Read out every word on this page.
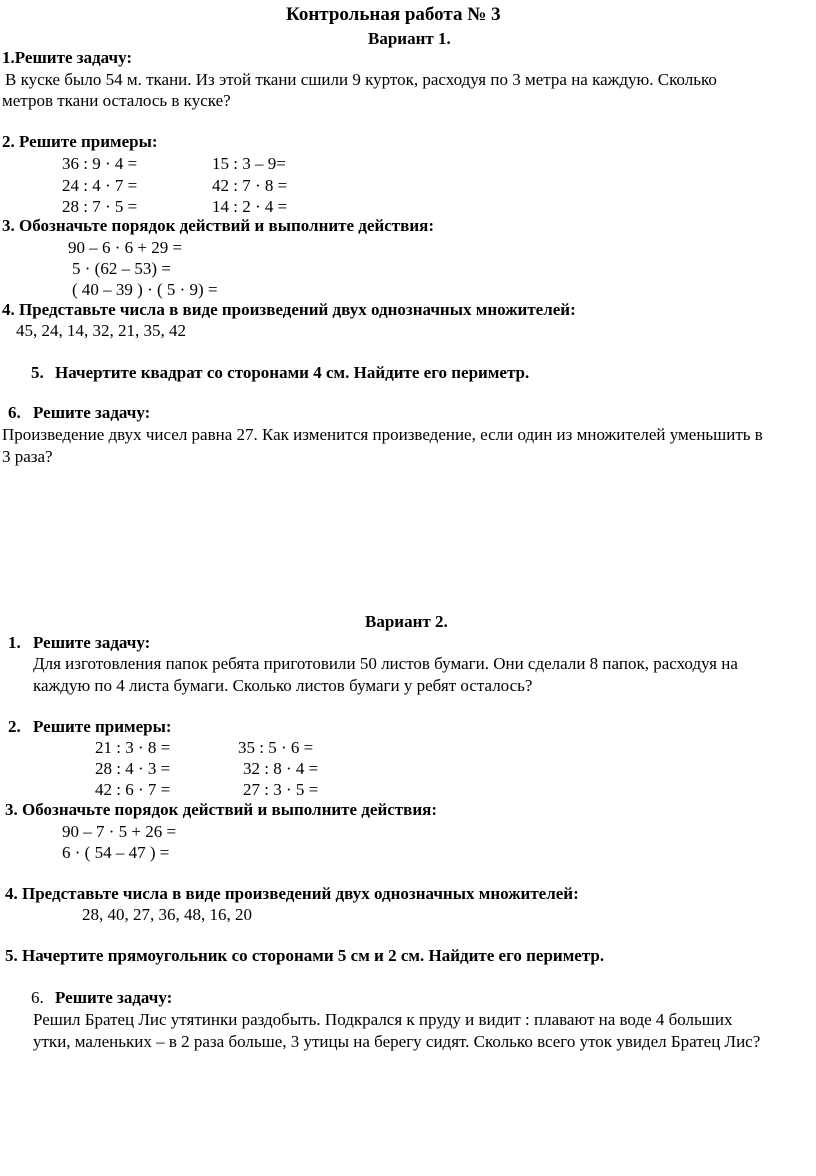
Контрольная работа № 3
Вариант 1.
1.Решите задачу:
В куске было 54 м. ткани. Из этой ткани сшили 9 курток, расходуя по 3 метра на каждую. Сколько
метров ткани осталось в куске?
2. Решите примеры:
36 : 9 · 4 =	15 : 3 – 9=
24 : 4 · 7 =	42 : 7 · 8 =
28 : 7 · 5 =	14 : 2 · 4 =
3. Обозначьте порядок действий и выполните действия:
90 – 6 · 6 + 29 =
5 · (62 – 53) =
( 40 – 39 ) · ( 5 · 9) =
4. Представьте числа в виде произведений двух однозначных множителей:
45, 24, 14, 32, 21, 35, 42
5. Начертите квадрат со сторонами 4 см. Найдите его периметр.
6. Решите задачу:
Произведение двух чисел равна 27. Как изменится произведение, если один из множителей уменьшить в
3 раза?
Вариант 2.
1. Решите задачу:
Для изготовления папок ребята приготовили 50 листов бумаги. Они сделали 8 папок, расходуя на
каждую по 4 листа бумаги. Сколько листов бумаги у ребят осталось?
2. Решите примеры:
21 : 3 · 8 =	35 : 5 · 6 =
28 : 4 · 3 =	32 : 8 · 4 =
42 : 6 · 7 =	27 : 3 · 5 =
3. Обозначьте порядок действий и выполните действия:
90 – 7 · 5 + 26 =
6 · ( 54 – 47 ) =
4. Представьте числа в виде произведений двух однозначных множителей:
28, 40, 27, 36, 48, 16, 20
5. Начертите прямоугольник со сторонами 5 см и 2 см. Найдите его периметр.
6. Решите задачу:
Решил Братец Лис утятинки раздобыть. Подкрался к пруду и видит : плавают на воде 4 больших
утки, маленьких – в 2 раза больше, 3 утицы на берегу сидят. Сколько всего уток увидел Братец Лис?
